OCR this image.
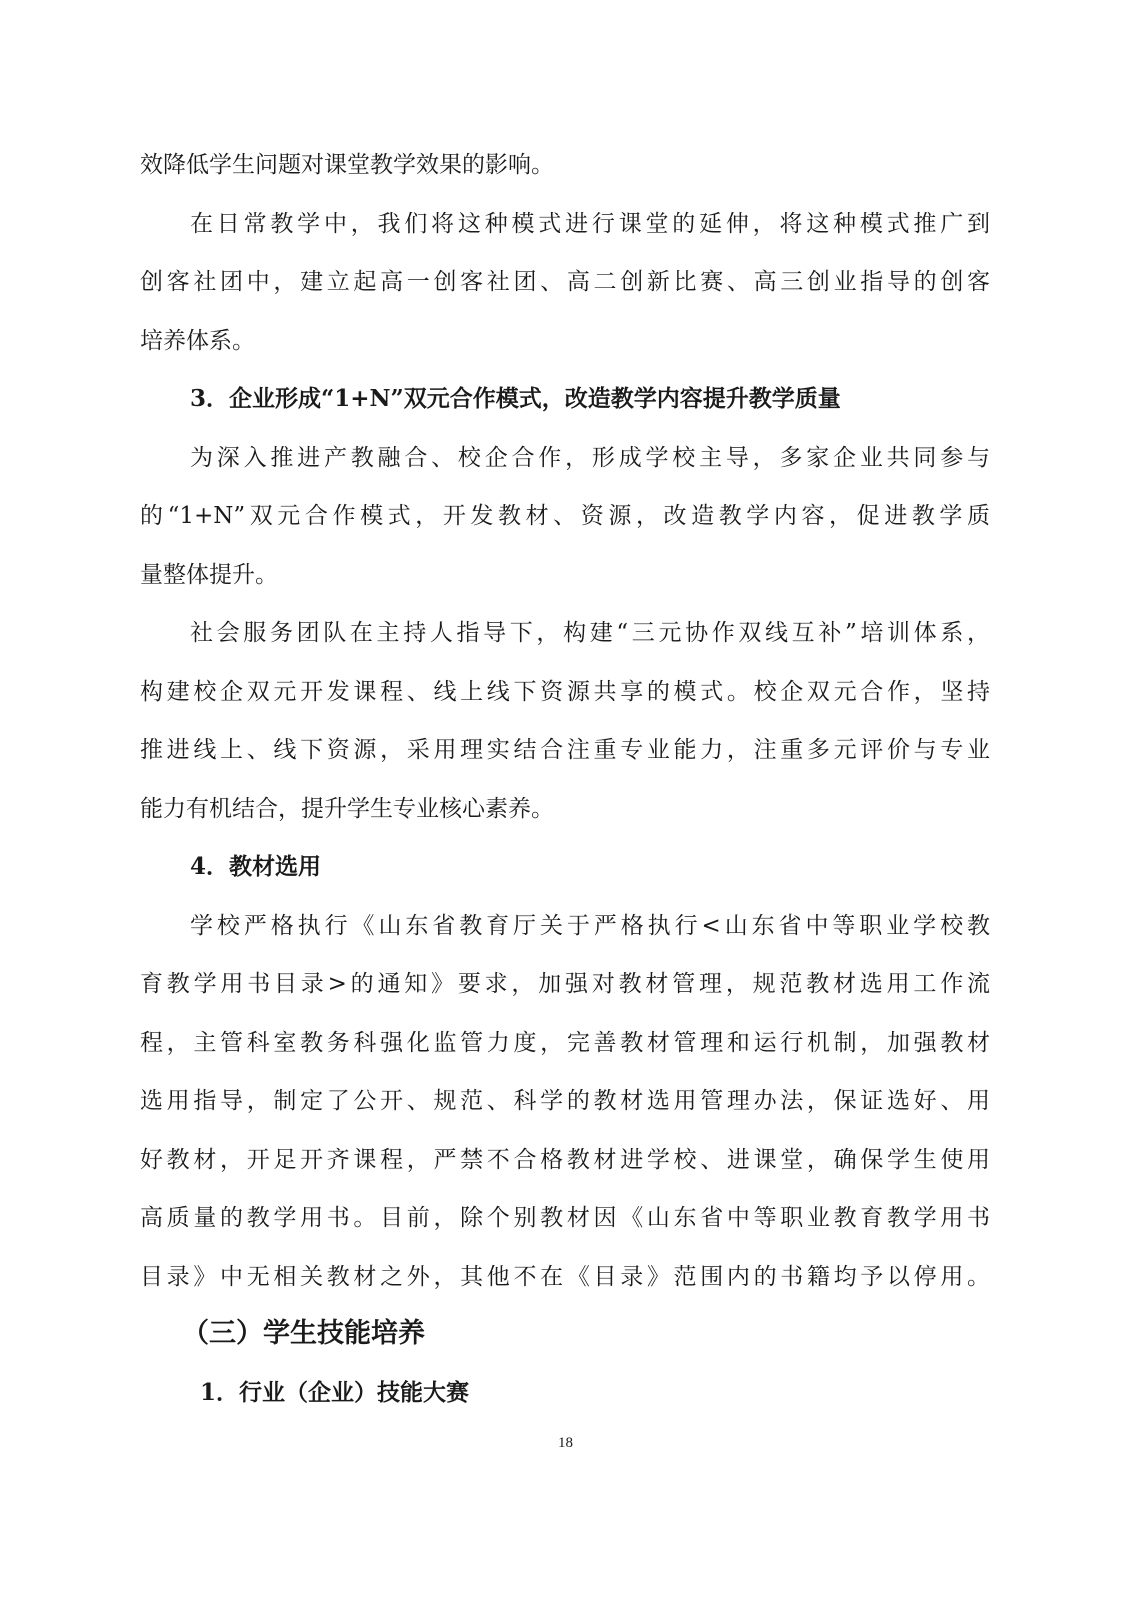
效降低学生问题对课堂教学效果的影响。
在日常教学中，我们将这种模式进行课堂的延伸，将这种模式推广到
创客社团中，建立起高一创客社团、高二创新比赛、高三创业指导的创客
培养体系。
3．企业形成“1+N”双元合作模式，改造教学内容提升教学质量
为深入推进产教融合、校企合作，形成学校主导，多家企业共同参与
的“1+N”双元合作模式，开发教材、资源，改造教学内容，促进教学质
量整体提升。
社会服务团队在主持人指导下，构建“三元协作双线互补”培训体系，
构建校企双元开发课程、线上线下资源共享的模式。校企双元合作，坚持
推进线上、线下资源，采用理实结合注重专业能力，注重多元评价与专业
能力有机结合，提升学生专业核心素养。
4．教材选用
学校严格执行《山东省教育厅关于严格执行<山东省中等职业学校教
育教学用书目录>的通知》要求，加强对教材管理，规范教材选用工作流
程，主管科室教务科强化监管力度，完善教材管理和运行机制，加强教材
选用指导，制定了公开、规范、科学的教材选用管理办法，保证选好、用
好教材，开足开齐课程，严禁不合格教材进学校、进课堂，确保学生使用
高质量的教学用书。目前，除个别教材因《山东省中等职业教育教学用书
目录》中无相关教材之外，其他不在《目录》范围内的书籍均予以停用。
（三）学生技能培养
1．行业（企业）技能大赛
18
